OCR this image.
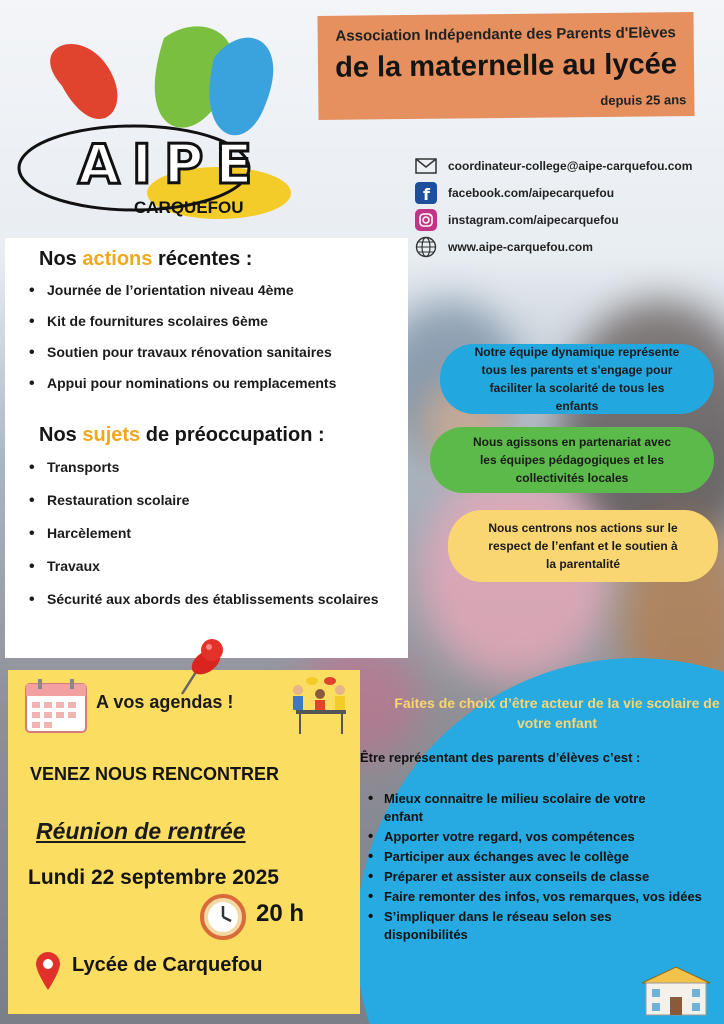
AIPE
CARQUEFOU
Association Indépendante des Parents d'Elèves
de la maternelle au lycée
depuis 25 ans
coordinateur-college@aipe-carquefou.com
f facebook.com/aipecarquefou
instagram.com/aipecarquefou
www.aipe-carquefou.com
Nos actions récentes :
• Journée de l’orientation niveau 4ème
• Kit de fournitures scolaires 6ème
• Soutien pour travaux rénovation sanitaires
• Appui pour nominations ou remplacements
Nos sujets de préoccupation :
• Transports
• Restauration scolaire
• Harcèlement
• Travaux
• Sécurité aux abords des établissements scolaires
Notre équipe dynamique représente tous les parents et s'engage pour faciliter la scolarité de tous les enfants
Nous agissons en partenariat avec les équipes pédagogiques et les collectivités locales
Nous centrons nos actions sur le respect de l’enfant et le soutien à la parentalité
Faites de choix d’être acteur de la vie scolaire de votre enfant
Être représentant des parents d’élèves c’est :
• Mieux connaitre le milieu scolaire de votre enfant
• Apporter votre regard, vos compétences
• Participer aux échanges avec le collège
• Préparer et assister aux conseils de classe
• Faire remonter des infos, vos remarques, vos idées
• S’impliquer dans le réseau selon ses disponibilités
A vos agendas !
VENEZ NOUS RENCONTRER
Réunion de rentrée
Lundi 22 septembre 2025
20 h
Lycée de Carquefou
